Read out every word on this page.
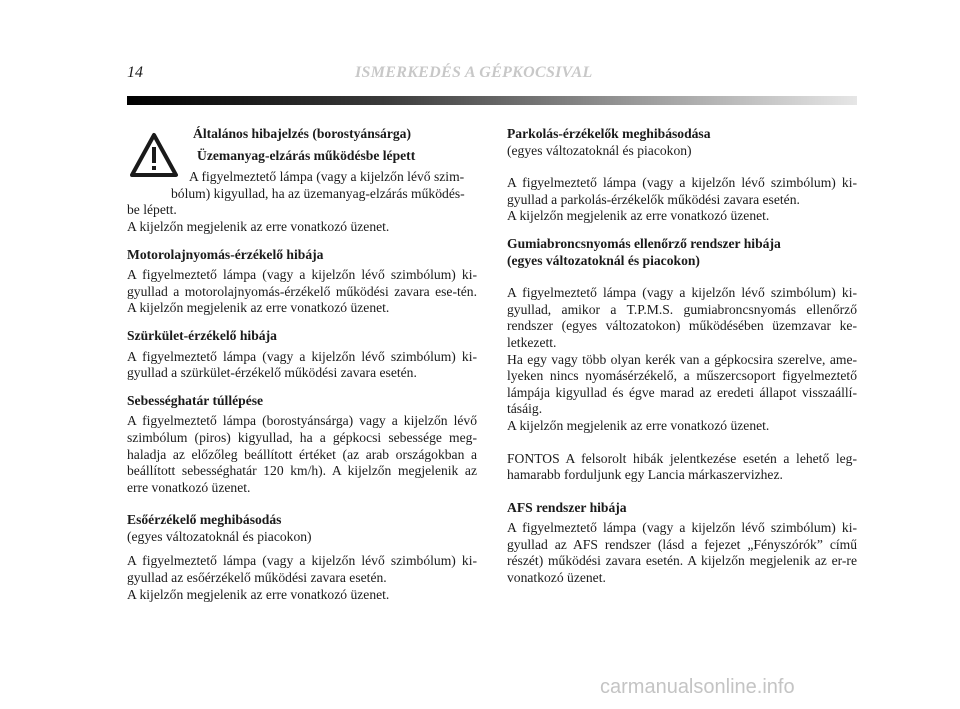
14	ISMERKEDÉS A GÉPKOCSIVAL

Általános hibajelzés (borostyánsárga)

Üzemanyag-elzárás működésbe lépett

A figyelmeztető lámpa (vagy a kijelzőn lévő szim-

bólum) kigyullad, ha az üzemanyag-elzárás működés-

be lépett.

A kijelzőn megjelenik az erre vonatkozó üzenet.

Motorolajnyomás-érzékelő hibája

A figyelmeztető lámpa (vagy a kijelzőn lévő szimbólum) ki-gyullad a motorolajnyomás-érzékelő működési zavara ese-tén. A kijelzőn megjelenik az erre vonatkozó üzenet.

Szürkület-érzékelő hibája

A figyelmeztető lámpa (vagy a kijelzőn lévő szimbólum) ki-gyullad a szürkület-érzékelő működési zavara esetén.

Sebességhatár túllépése

A figyelmeztető lámpa (borostyánsárga) vagy a kijelzőn lévő szimbólum (piros) kigyullad, ha a gépkocsi sebessége meg-haladja az előzőleg beállított értéket (az arab országokban a beállított sebességhatár 120 km/h). A kijelzőn megjelenik az erre vonatkozó üzenet.

Esőérzékelő meghibásodás

(egyes változatoknál és piacokon)

A figyelmeztető lámpa (vagy a kijelzőn lévő szimbólum) ki-gyullad az esőérzékelő működési zavara esetén.

A kijelzőn megjelenik az erre vonatkozó üzenet.

Parkolás-érzékelők meghibásodása

(egyes változatoknál és piacokon)

A figyelmeztető lámpa (vagy a kijelzőn lévő szimbólum) ki-gyullad a parkolás-érzékelők működési zavara esetén.

A kijelzőn megjelenik az erre vonatkozó üzenet.

Gumiabroncsnyomás ellenőrző rendszer hibája

(egyes változatoknál és piacokon)

A figyelmeztető lámpa (vagy a kijelzőn lévő szimbólum) ki-gyullad, amikor a T.P.M.S. gumiabroncsnyomás ellenőrző rendszer (egyes változatokon) működésében üzemzavar ke-letkezett.

Ha egy vagy több olyan kerék van a gépkocsira szerelve, ame-lyeken nincs nyomásérzékelő, a műszercsoport figyelmeztető lámpája kigyullad és égve marad az eredeti állapot visszaállí-tásáig.

A kijelzőn megjelenik az erre vonatkozó üzenet.

FONTOS A felsorolt hibák jelentkezése esetén a lehető leg-hamarabb forduljunk egy Lancia márkaszervizhez.

AFS rendszer hibája

A figyelmeztető lámpa (vagy a kijelzőn lévő szimbólum) ki-gyullad az AFS rendszer (lásd a fejezet „Fényszórók” című részét) működési zavara esetén. A kijelzőn megjelenik az er-re vonatkozó üzenet.

carmanualsonline.info
